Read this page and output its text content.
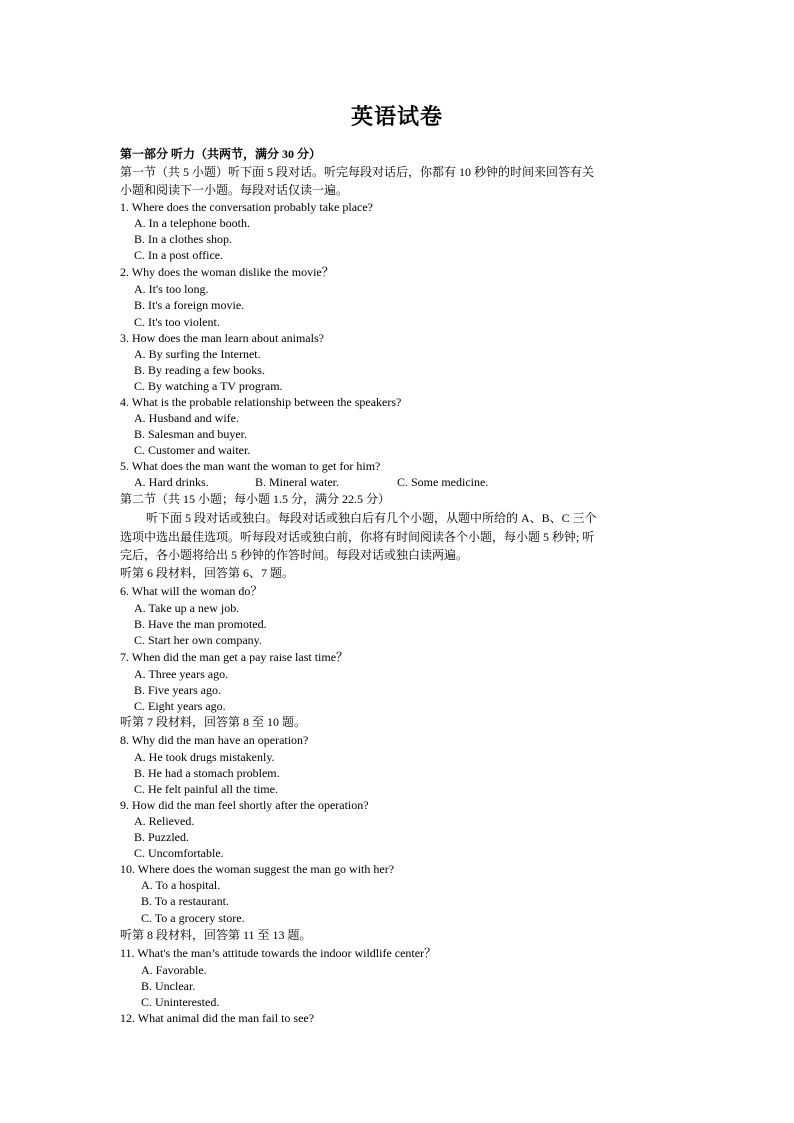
英语试卷
第一部分 听力（共两节，满分 30 分）
第一节（共 5 小题）听下面 5 段对话。听完每段对话后，你都有 10 秒钟的时间来回答有关
小题和阅读下一小题。每段对话仅读一遍。
1. Where does the conversation probably take place?
A. In a telephone booth.
B. In a clothes shop.
C. In a post office.
2. Why does the woman dislike the movie？
A. It's too long.
B. It's a foreign movie.
C. It's too violent.
3. How does the man learn about animals?
A. By surfing the Internet.
B. By reading a few books.
C. By watching a TV program.
4. What is the probable relationship between the speakers?
A. Husband and wife.
B. Salesman and buyer.
C. Customer and waiter.
5. What does the man want the woman to get for him?
A. Hard drinks.	B. Mineral water.	C. Some medicine.
第二节（共 15 小题；每小题 1.5 分，满分 22.5 分）
听下面 5 段对话或独白。每段对话或独白后有几个小题，从题中所给的 A、B、C 三个
选项中选出最佳选项。听每段对话或独白前，你将有时间阅读各个小题，每小题 5 秒钟; 听
完后，各小题将给出 5 秒钟的作答时间。每段对话或独白读两遍。
听第 6 段材料，回答第 6、7 题。
6. What will the woman do？
A. Take up a new job.
B. Have the man promoted.
C. Start her own company.
7. When did the man get a pay raise last time？
A. Three years ago.
B. Five years ago.
C. Eight years ago.
听第 7 段材料，回答第 8 至 10 题。
8. Why did the man have an operation?
A. He took drugs mistakenly.
B. He had a stomach problem.
C. He felt painful all the time.
9. How did the man feel shortly after the operation?
A. Relieved.
B. Puzzled.
C. Uncomfortable.
10. Where does the woman suggest the man go with her?
A. To a hospital.
B. To a restaurant.
C. To a grocery store.
听第 8 段材料，回答第 11 至 13 题。
11. What's the man’s attitude towards the indoor wildlife center？
A. Favorable.
B. Unclear.
C. Uninterested.
12. What animal did the man fail to see?
